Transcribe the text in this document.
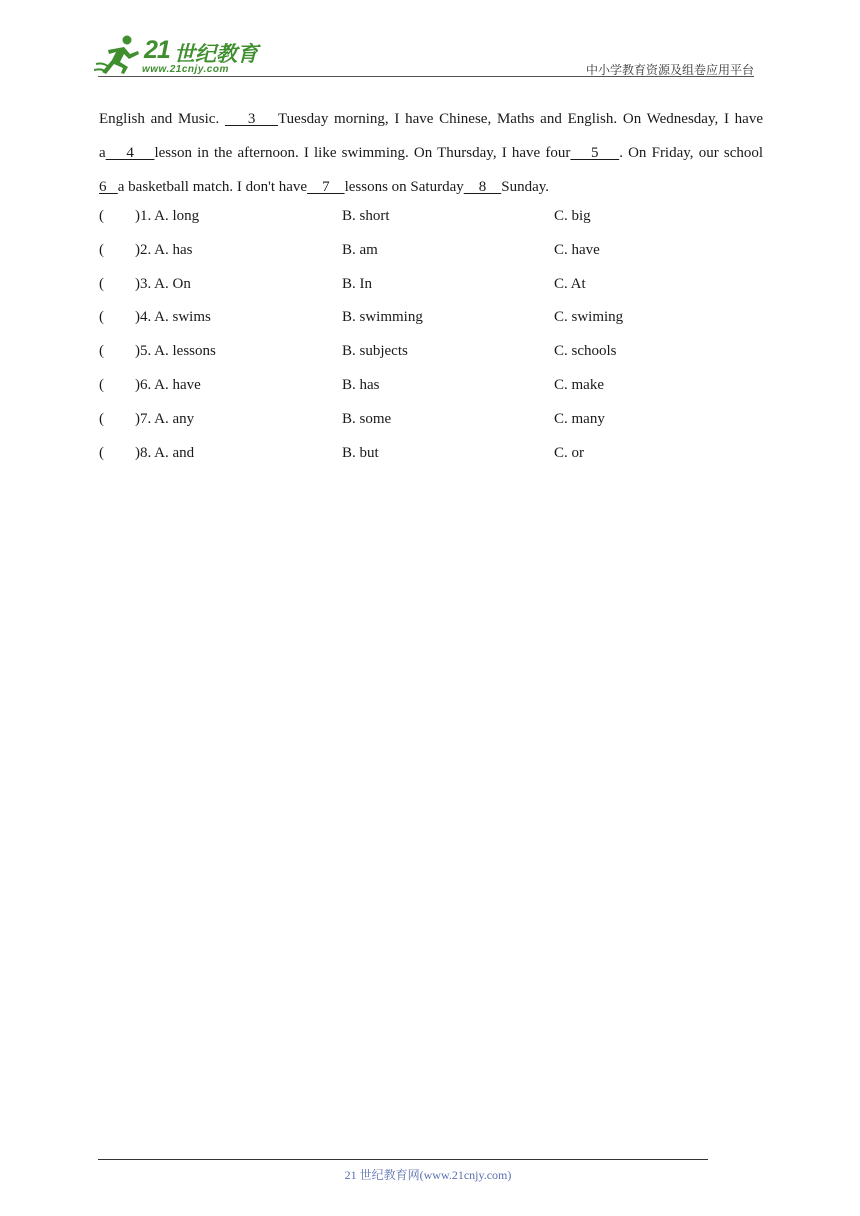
21 世纪教育
www.21cnjy.com	中小学教育资源及组卷应用平台
English and Music.     3    Tuesday morning, I have Chinese, Maths and English. On Wednesday, I have
a    4    lesson in the afternoon. I like swimming. On Thursday, I have four    5    . On Friday, our school
6   a basketball match. I don't have    7    lessons on Saturday    8    Sunday.
( )1. A. long	B. short	C. big
( )2. A. has	B. am	C. have
( )3. A. On	B. In	C. At
( )4. A. swims	B. swimming	C. swiming
( )5. A. lessons	B. subjects	C. schools
( )6. A. have	B. has	C. make
( )7. A. any	B. some	C. many
( )8. A. and	B. but	C. or
21 世纪教育网(www.21cnjy.com)
